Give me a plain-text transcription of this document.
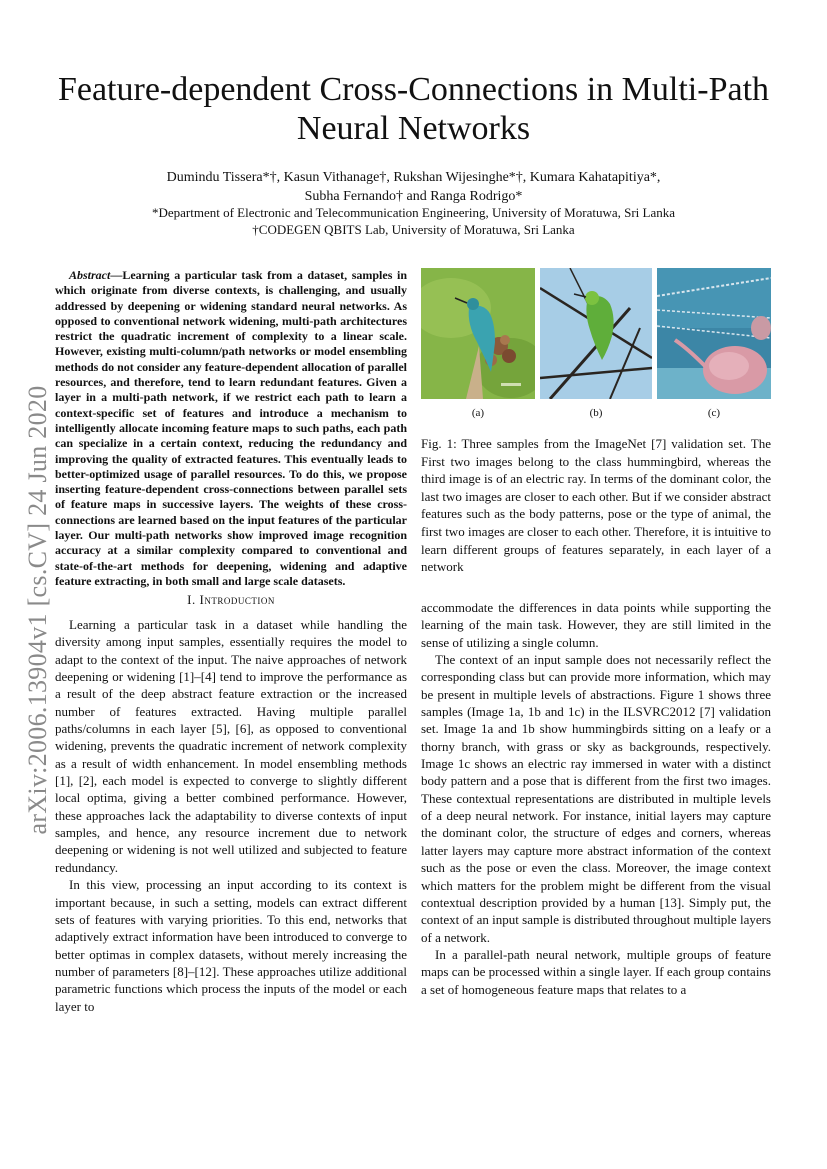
arXiv:2006.13904v1 [cs.CV] 24 Jun 2020
Feature-dependent Cross-Connections in Multi-Path Neural Networks
Dumindu Tissera*†, Kasun Vithanage†, Rukshan Wijesinghe*†, Kumara Kahatapitiya*,
Subha Fernando† and Ranga Rodrigo*
*Department of Electronic and Telecommunication Engineering, University of Moratuwa, Sri Lanka
†CODEGEN QBITS Lab, University of Moratuwa, Sri Lanka

Abstract—Learning a particular task from a dataset, samples in which originate from diverse contexts, is challenging, and usually addressed by deepening or widening standard neural networks. As opposed to conventional network widening, multi-path architectures restrict the quadratic increment of complexity to a linear scale. However, existing multi-column/path networks or model ensembling methods do not consider any feature-dependent allocation of parallel resources, and therefore, tend to learn redundant features. Given a layer in a multi-path network, if we restrict each path to learn a context-specific set of features and introduce a mechanism to intelligently allocate incoming feature maps to such paths, each path can specialize in a certain context, reducing the redundancy and improving the quality of extracted features. This eventually leads to better-optimized usage of parallel resources. To do this, we propose inserting feature-dependent cross-connections between parallel sets of feature maps in successive layers. The weights of these cross-connections are learned based on the input features of the particular layer. Our multi-path networks show improved image recognition accuracy at a similar complexity compared to conventional and state-of-the-art methods for deepening, widening and adaptive feature extracting, in both small and large scale datasets.

I. Introduction

Learning a particular task in a dataset while handling the diversity among input samples, essentially requires the model to adapt to the context of the input. The naive approaches of network deepening or widening [1]–[4] tend to improve the performance as a result of the deep abstract feature extraction or the increased number of features extracted. Having multiple parallel paths/columns in each layer [5], [6], as opposed to conventional widening, prevents the quadratic increment of network complexity as a result of width enhancement. In model ensembling methods [1], [2], each model is expected to converge to slightly different local optima, giving a better combined performance. However, these approaches lack the adaptability to diverse contexts of input samples, and hence, any resource increment due to network deepening or widening is not well utilized and subjected to feature redundancy.

In this view, processing an input according to its context is important because, in such a setting, models can extract different sets of features with varying priorities. To this end, networks that adaptively extract information have been introduced to converge to better optimas in complex datasets, without merely increasing the number of parameters [8]–[12]. These approaches utilize additional parametric functions which process the inputs of the model or each layer to

(a)	(b)	(c)

Fig. 1: Three samples from the ImageNet [7] validation set. The First two images belong to the class hummingbird, whereas the third image is of an electric ray. In terms of the dominant color, the last two images are closer to each other. But if we consider abstract features such as the body patterns, pose or the type of animal, the first two images are closer to each other. Therefore, it is intuitive to learn different groups of features separately, in each layer of a network

accommodate the differences in data points while supporting the learning of the main task. However, they are still limited in the sense of utilizing a single column.

The context of an input sample does not necessarily reflect the corresponding class but can provide more information, which may be present in multiple levels of abstractions. Figure 1 shows three samples (Image 1a, 1b and 1c) in the ILSVRC2012 [7] validation set. Image 1a and 1b show hummingbirds sitting on a leafy or a thorny branch, with grass or sky as backgrounds, respectively. Image 1c shows an electric ray immersed in water with a distinct body pattern and a pose that is different from the first two images. These contextual representations are distributed in multiple levels of a deep neural network. For instance, initial layers may capture the dominant color, the structure of edges and corners, whereas latter layers may capture more abstract information of the context such as the pose or even the class. Moreover, the image context which matters for the problem might be different from the visual contextual description provided by a human [13]. Simply put, the context of an input sample is distributed throughout multiple layers of a network.

In a parallel-path neural network, multiple groups of feature maps can be processed within a single layer. If each group contains a set of homogeneous feature maps that relates to a
